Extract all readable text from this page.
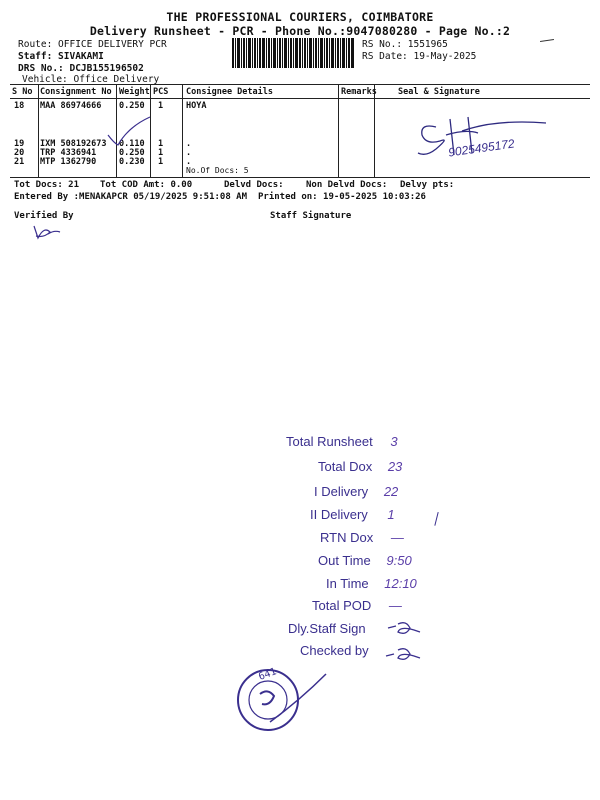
THE PROFESSIONAL COURIERS, COIMBATORE
Delivery Runsheet - PCR - Phone No.:9047080280 - Page No.:2
Route: OFFICE DELIVERY PCR
Staff: SIVAKAMI
DRS No.: DCJB155196502
Vehicle: Office Delivery
RS No.: 1551965
RS Date: 19-May-2025
S No Consignment No Weight PCS Consignee Details	Remarks Seal & Signature
18 MAA 86974666 0.250 1	HOYA
19 IXM 508192673 0.110 1	.
20 TRP 4336941	0.250 1	.
21 MTP 1362790	0.230 1	.
No.Of Docs: 5
9025495172
Tot Docs: 21 Tot COD Amt: 0.00	Delvd Docs: Non Delvd Docs: Delvy pts:
Entered By :MENAKAPCR 05/19/2025 9:51:08 AM Printed on: 19-05-2025 10:03:26
Verified By	Staff Signature
Total Runsheet 3
Total Dox 23
I Delivery 22
II Delivery 1
RTN Dox —
Out Time 9:50
In Time 12:10
Total POD —
Dly.Staff Sign
Checked by
641
